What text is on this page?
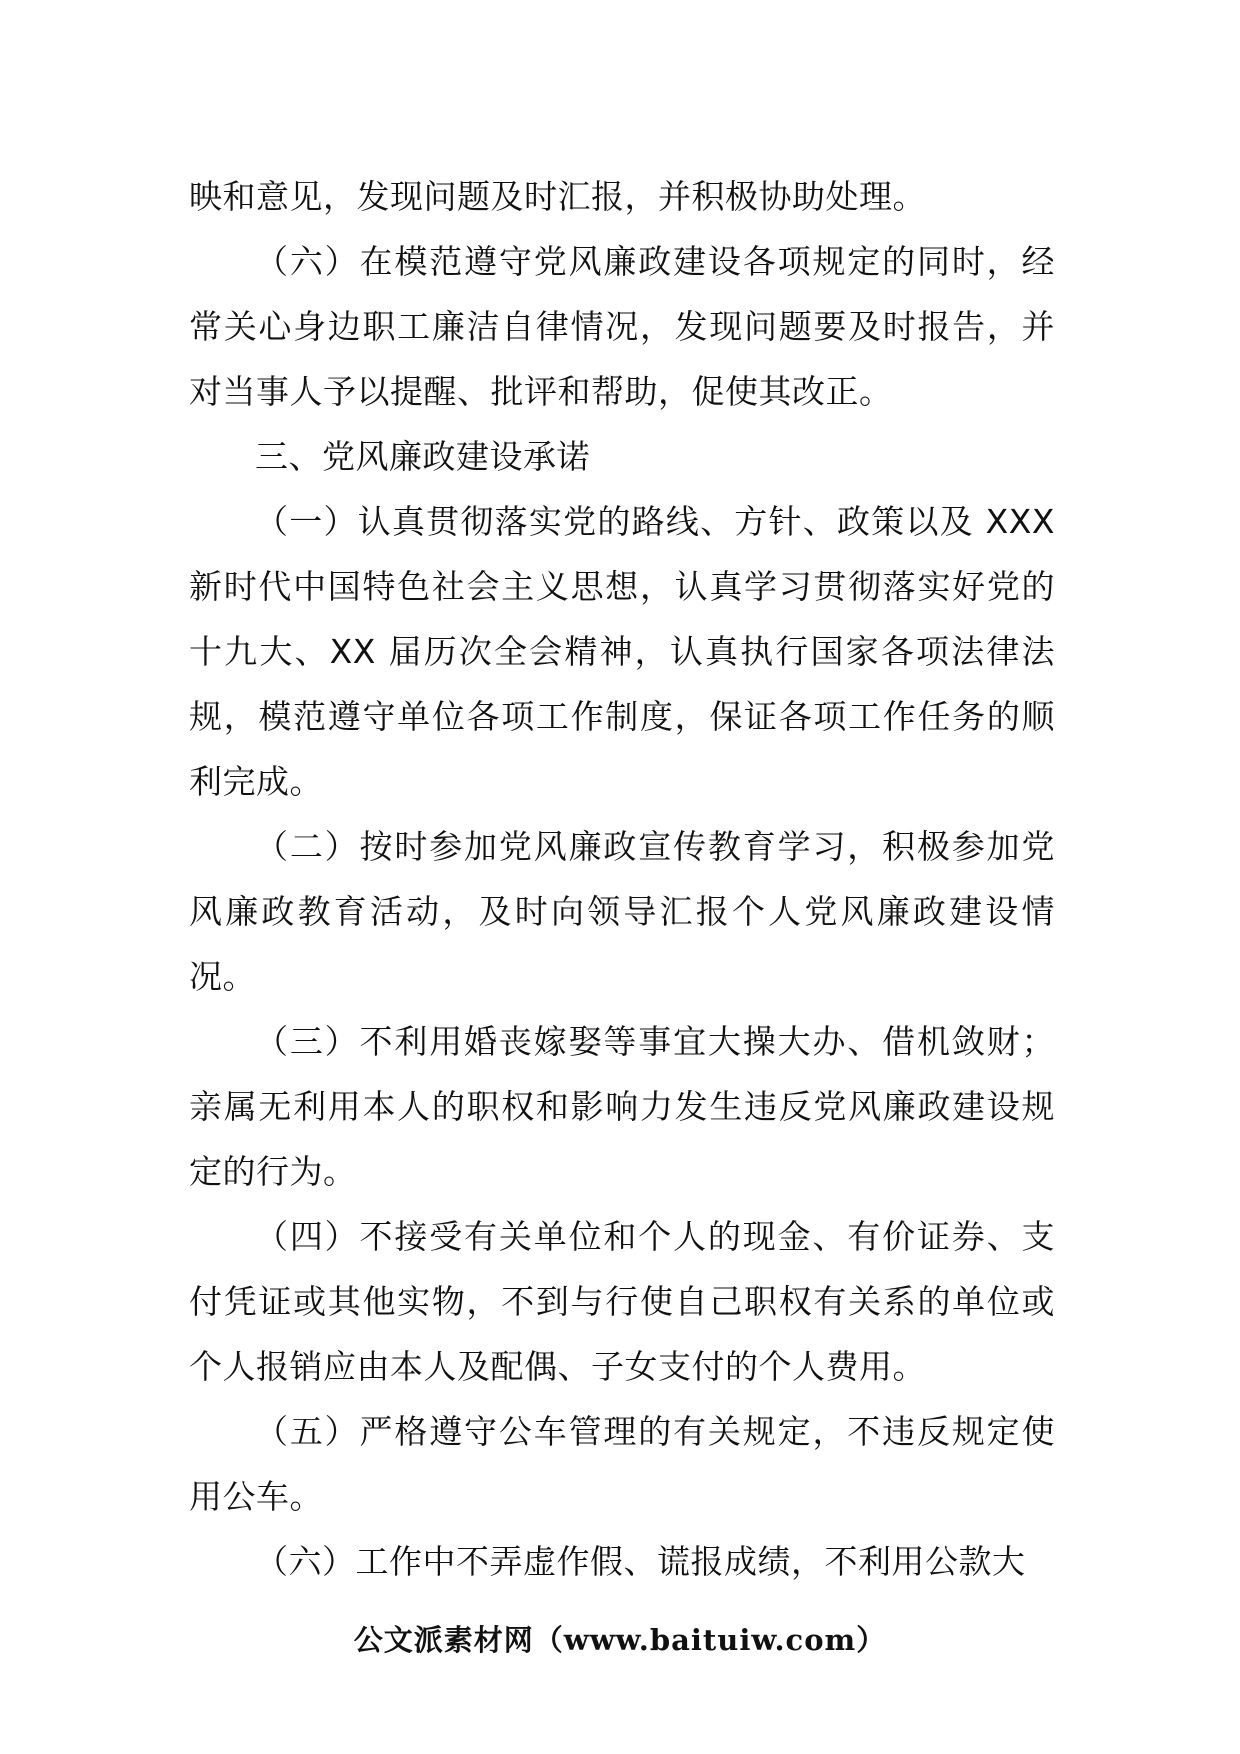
映和意见，发现问题及时汇报，并积极协助处理。

（六）在模范遵守党风廉政建设各项规定的同时，经常关心身边职工廉洁自律情况，发现问题要及时报告，并对当事人予以提醒、批评和帮助，促使其改正。

三、党风廉政建设承诺

（一）认真贯彻落实党的路线、方针、政策以及 XXX 新时代中国特色社会主义思想，认真学习贯彻落实好党的十九大、XX 届历次全会精神，认真执行国家各项法律法规，模范遵守单位各项工作制度，保证各项工作任务的顺利完成。

（二）按时参加党风廉政宣传教育学习，积极参加党风廉政教育活动，及时向领导汇报个人党风廉政建设情况。

（三）不利用婚丧嫁娶等事宜大操大办、借机敛财；亲属无利用本人的职权和影响力发生违反党风廉政建设规定的行为。

（四）不接受有关单位和个人的现金、有价证券、支付凭证或其他实物，不到与行使自己职权有关系的单位或个人报销应由本人及配偶、子女支付的个人费用。

（五）严格遵守公车管理的有关规定，不违反规定使用公车。

（六）工作中不弄虚作假、谎报成绩，不利用公款大

公文派素材网（www.baituiw.com）
